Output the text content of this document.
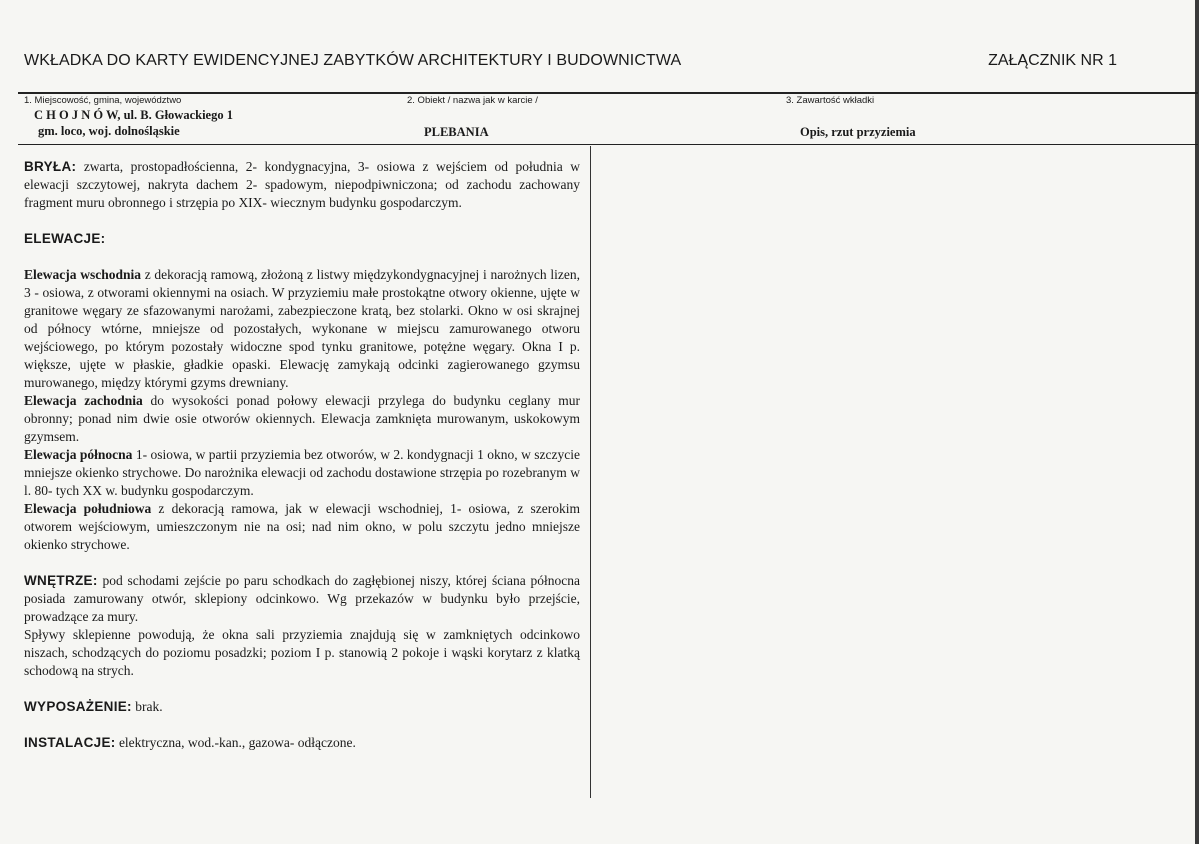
WKŁADKA DO KARTY EWIDENCYJNEJ ZABYTKÓW ARCHITEKTURY I BUDOWNICTWA	ZAŁĄCZNIK NR 1
1. Miejscowość, gmina, województwo
C H O J N Ó W, ul. B. Głowackiego 1
gm. loco, woj. dolnośląskie
2. Obiekt / nazwa jak w karcie /
PLEBANIA
3. Zawartość wkładki
Opis, rzut przyziemia

BRYŁA: zwarta, prostopadłościenna, 2- kondygnacyjna, 3- osiowa z wejściem od południa w elewacji szczytowej, nakryta dachem 2- spadowym, niepodpiwniczona; od zachodu zachowany fragment muru obronnego i strzępia po XIX- wiecznym budynku gospodarczym.

ELEWACJE:

Elewacja wschodnia z dekoracją ramową, złożoną z listwy międzykondygnacyjnej i narożnych lizen, 3 - osiowa, z otworami okiennymi na osiach. W przyziemiu małe prostokątne otwory okienne, ujęte w granitowe węgary ze sfazowanymi narożami, zabezpieczone kratą, bez stolarki. Okno w osi skrajnej od północy wtórne, mniejsze od pozostałych, wykonane w miejscu zamurowanego otworu wejściowego, po którym pozostały widoczne spod tynku granitowe, potężne węgary. Okna I p. większe, ujęte w płaskie, gładkie opaski. Elewację zamykają odcinki zagierowanego gzymsu murowanego, między którymi gzyms drewniany.

Elewacja zachodnia do wysokości ponad połowy elewacji przylega do budynku ceglany mur obronny; ponad nim dwie osie otworów okiennych. Elewacja zamknięta murowanym, uskokowym gzymsem.

Elewacja północna 1- osiowa, w partii przyziemia bez otworów, w 2. kondygnacji 1 okno, w szczycie mniejsze okienko strychowe. Do narożnika elewacji od zachodu dostawione strzępia po rozebranym w l. 80- tych XX w. budynku gospodarczym.

Elewacja południowa z dekoracją ramowa, jak w elewacji wschodniej, 1- osiowa, z szerokim otworem wejściowym, umieszczonym nie na osi; nad nim okno, w polu szczytu jedno mniejsze okienko strychowe.

WNĘTRZE: pod schodami zejście po paru schodkach do zagłębionej niszy, której ściana północna posiada zamurowany otwór, sklepiony odcinkowo. Wg przekazów w budynku było przejście, prowadzące za mury.

Spływy sklepienne powodują, że okna sali przyziemia znajdują się w zamkniętych odcinkowo niszach, schodzących do poziomu posadzki; poziom I p. stanowią 2 pokoje i wąski korytarz z klatką schodową na strych.

WYPOSAŻENIE: brak.

INSTALACJE: elektryczna, wod.-kan., gazowa- odłączone.
